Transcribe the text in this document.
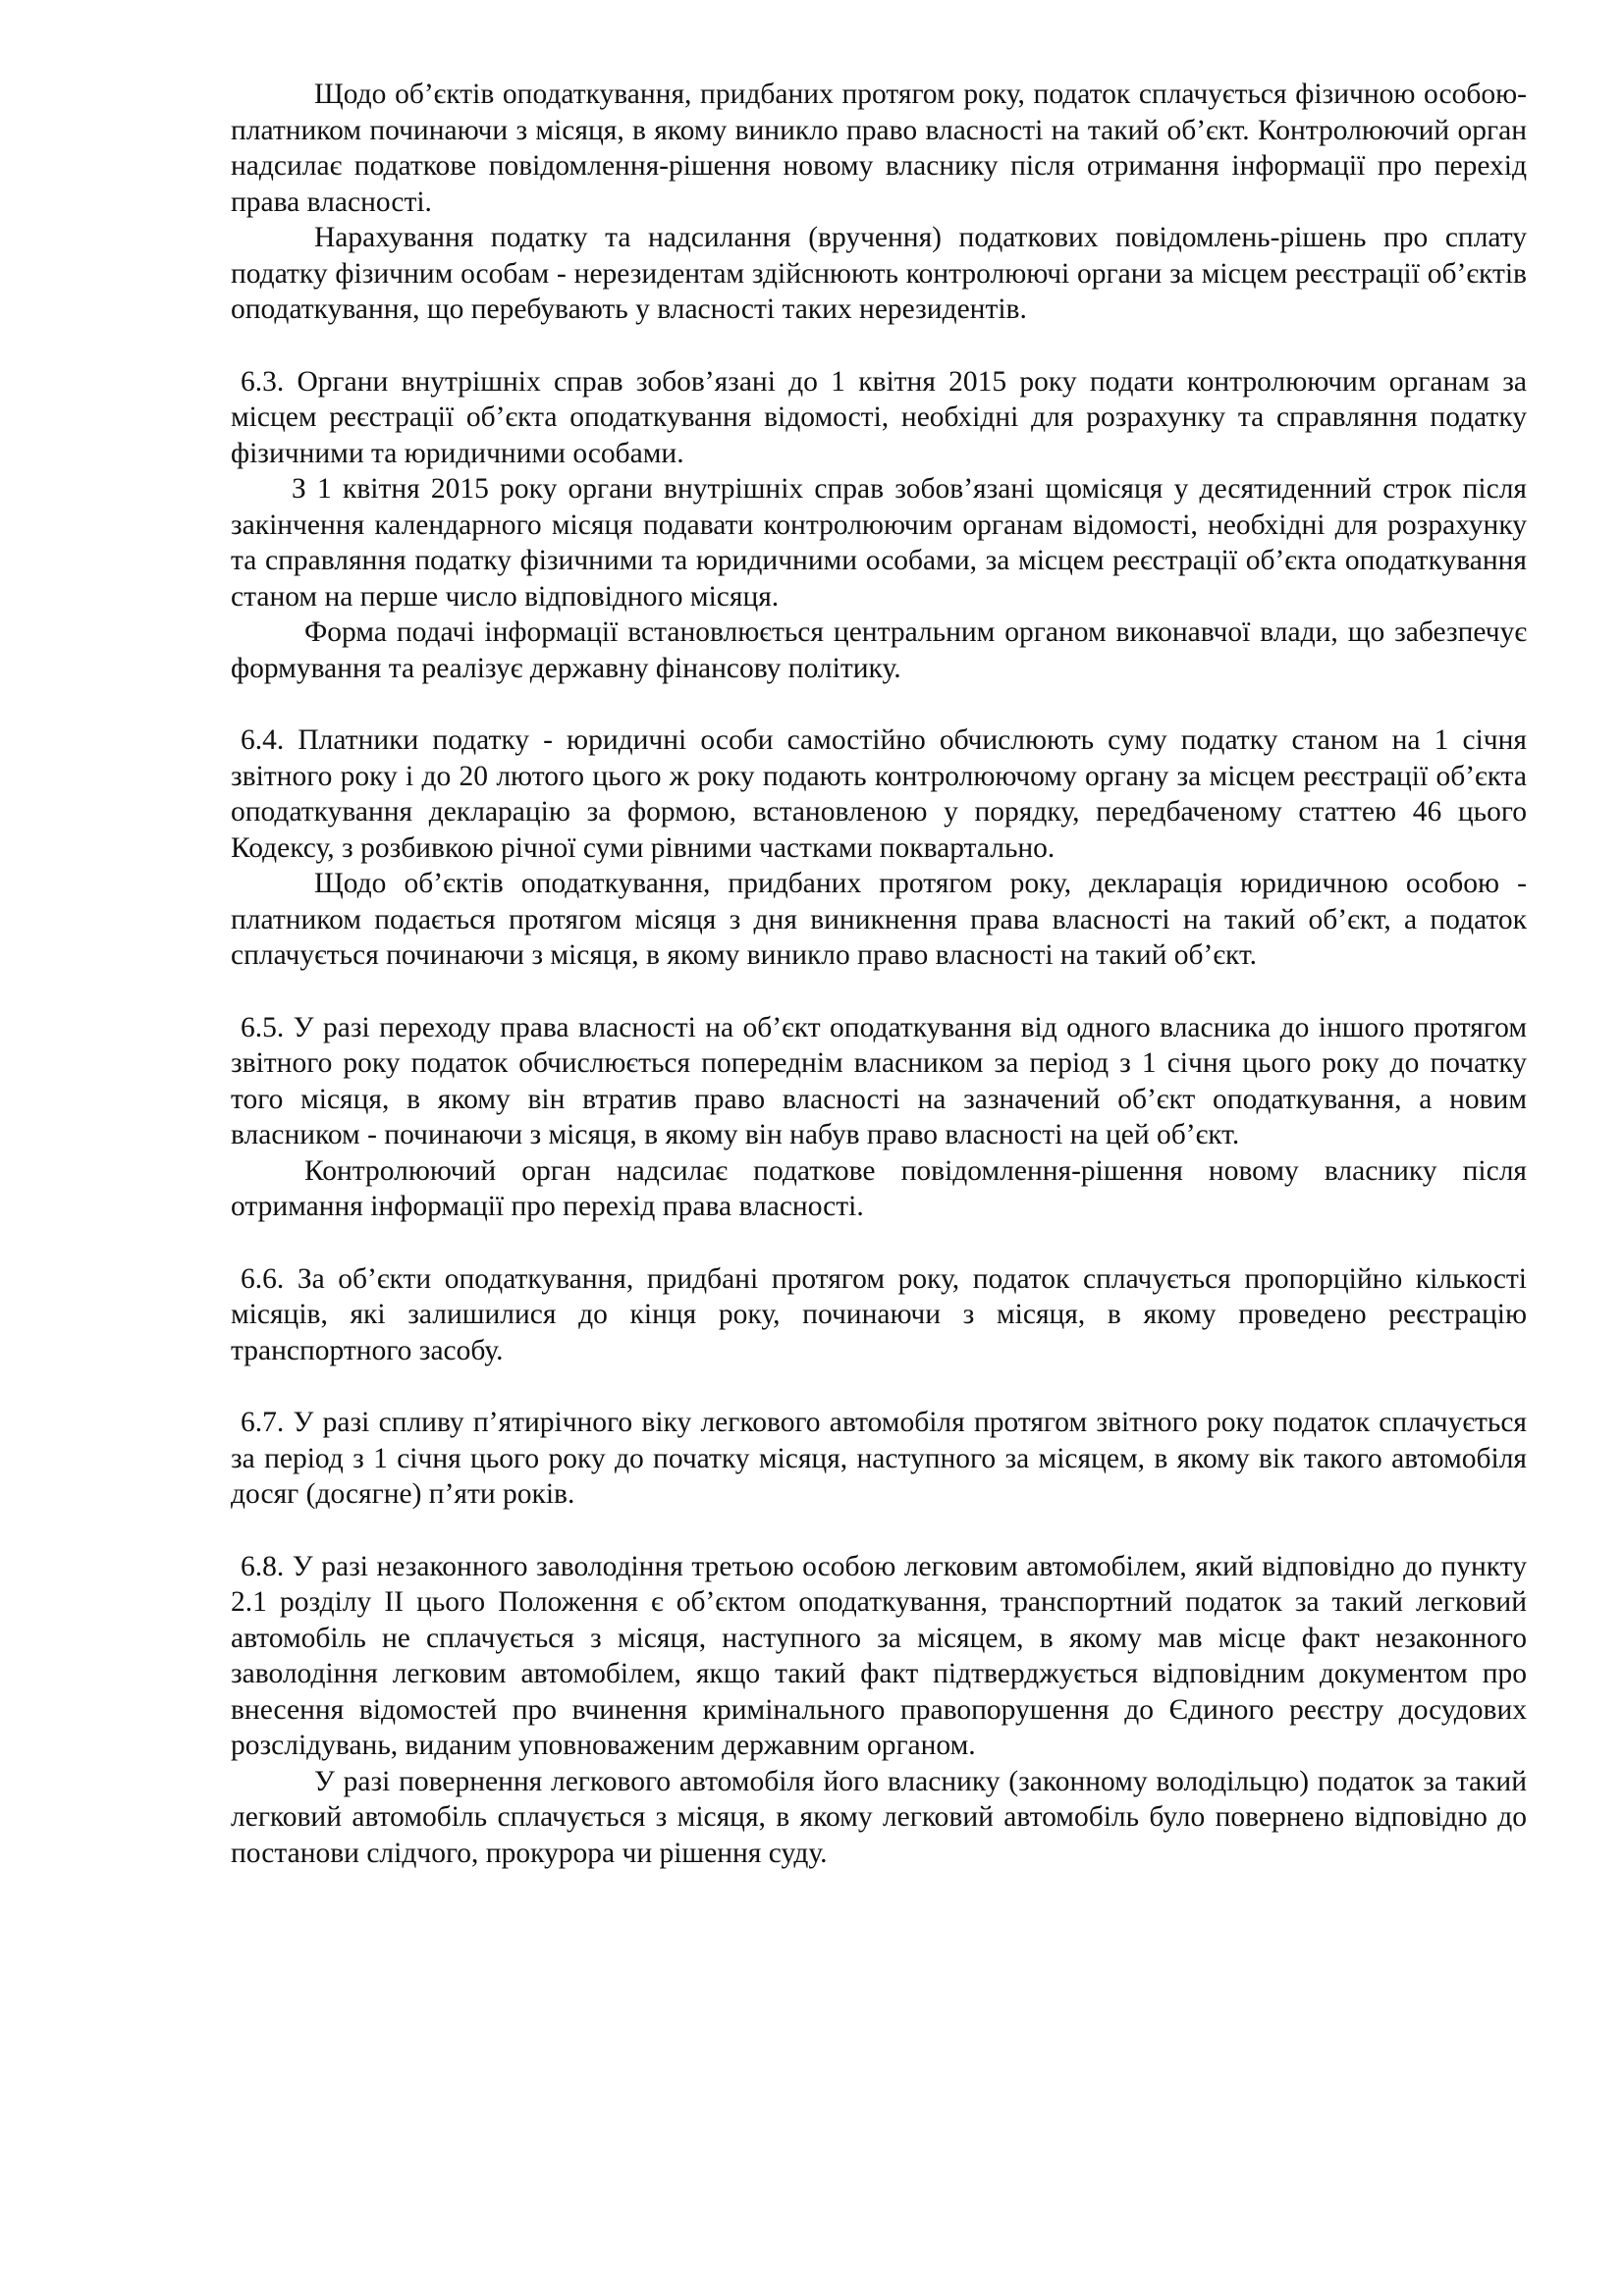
Щодо об’єктів оподаткування, придбаних протягом року, податок сплачується фізичною особою-платником починаючи з місяця, в якому виникло право власності на такий об’єкт. Контролюючий орган надсилає податкове повідомлення-рішення новому власнику після отримання інформації про перехід права власності.

Нарахування податку та надсилання (вручення) податкових повідомлень-рішень про сплату податку фізичним особам - нерезидентам здійснюють контролюючі органи за місцем реєстрації об’єктів оподаткування, що перебувають у власності таких нерезидентів.

6.3. Органи внутрішніх справ зобов’язані до 1 квітня 2015 року подати контролюючим органам за місцем реєстрації об’єкта оподаткування відомості, необхідні для розрахунку та справляння податку фізичними та юридичними особами.

З 1 квітня 2015 року органи внутрішніх справ зобов’язані щомісяця у десятиденний строк після закінчення календарного місяця подавати контролюючим органам відомості, необхідні для розрахунку та справляння податку фізичними та юридичними особами, за місцем реєстрації об’єкта оподаткування станом на перше число відповідного місяця.

Форма подачі інформації встановлюється центральним органом виконавчої влади, що забезпечує формування та реалізує державну фінансову політику.

6.4. Платники податку - юридичні особи самостійно обчислюють суму податку станом на 1 січня звітного року і до 20 лютого цього ж року подають контролюючому органу за місцем реєстрації об’єкта оподаткування декларацію за формою, встановленою у порядку, передбаченому статтею 46 цього Кодексу, з розбивкою річної суми рівними частками поквартально.

Щодо об’єктів оподаткування, придбаних протягом року, декларація юридичною особою - платником подається протягом місяця з дня виникнення права власності на такий об’єкт, а податок сплачується починаючи з місяця, в якому виникло право власності на такий об’єкт.

6.5. У разі переходу права власності на об’єкт оподаткування від одного власника до іншого протягом звітного року податок обчислюється попереднім власником за період з 1 січня цього року до початку того місяця, в якому він втратив право власності на зазначений об’єкт оподаткування, а новим власником - починаючи з місяця, в якому він набув право власності на цей об’єкт.

Контролюючий орган надсилає податкове повідомлення-рішення новому власнику після отримання інформації про перехід права власності.

6.6. За об’єкти оподаткування, придбані протягом року, податок сплачується пропорційно кількості місяців, які залишилися до кінця року, починаючи з місяця, в якому проведено реєстрацію транспортного засобу.

6.7. У разі спливу п’ятирічного віку легкового автомобіля протягом звітного року податок сплачується за період з 1 січня цього року до початку місяця, наступного за місяцем, в якому вік такого автомобіля досяг (досягне) п’яти років.

6.8. У разі незаконного заволодіння третьою особою легковим автомобілем, який відповідно до пункту 2.1 розділу ІІ цього Положення є об’єктом оподаткування, транспортний податок за такий легковий автомобіль не сплачується з місяця, наступного за місяцем, в якому мав місце факт незаконного заволодіння легковим автомобілем, якщо такий факт підтверджується відповідним документом про внесення відомостей про вчинення кримінального правопорушення до Єдиного реєстру досудових розслідувань, виданим уповноваженим державним органом.

У разі повернення легкового автомобіля його власнику (законному володільцю) податок за такий легковий автомобіль сплачується з місяця, в якому легковий автомобіль було повернено відповідно до постанови слідчого, прокурора чи рішення суду.
